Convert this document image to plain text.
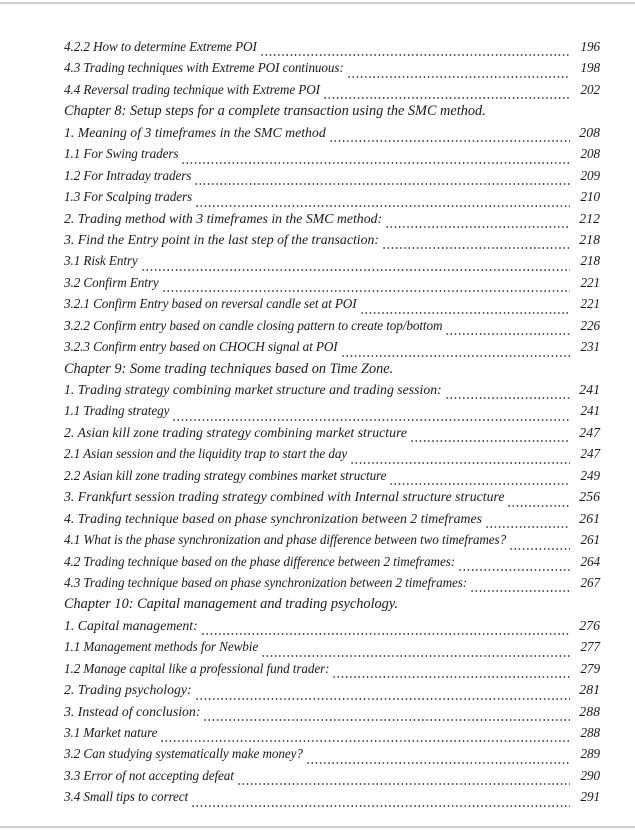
4.2.2 How to determine Extreme POI	196
4.3 Trading techniques with Extreme POI continuous:	198
4.4 Reversal trading technique with Extreme POI	202
Chapter 8: Setup steps for a complete transaction using the SMC method.
1. Meaning of 3 timeframes in the SMC method	208
1.1 For Swing traders	208
1.2 For Intraday traders	209
1.3 For Scalping traders	210
2. Trading method with 3 timeframes in the SMC method:	212
3. Find the Entry point in the last step of the transaction:	218
3.1 Risk Entry	218
3.2 Confirm Entry	221
3.2.1 Confirm Entry based on reversal candle set at POI	221
3.2.2 Confirm entry based on candle closing pattern to create top/bottom	226
3.2.3 Confirm entry based on CHOCH signal at POI	231
Chapter 9: Some trading techniques based on Time Zone.
1. Trading strategy combining market structure and trading session:	241
1.1 Trading strategy	241
2. Asian kill zone trading strategy combining market structure	247
2.1 Asian session and the liquidity trap to start the day	247
2.2 Asian kill zone trading strategy combines market structure	249
3. Frankfurt session trading strategy combined with Internal structure structure	256
4. Trading technique based on phase synchronization between 2 timeframes	261
4.1 What is the phase synchronization and phase difference between two timeframes?	261
4.2 Trading technique based on the phase difference between 2 timeframes:	264
4.3 Trading technique based on phase synchronization between 2 timeframes:	267
Chapter 10: Capital management and trading psychology.
1. Capital management:	276
1.1 Management methods for Newbie	277
1.2 Manage capital like a professional fund trader:	279
2. Trading psychology:	281
3. Instead of conclusion:	288
3.1 Market nature	288
3.2 Can studying systematically make money?	289
3.3 Error of not accepting defeat	290
3.4 Small tips to correct	291
